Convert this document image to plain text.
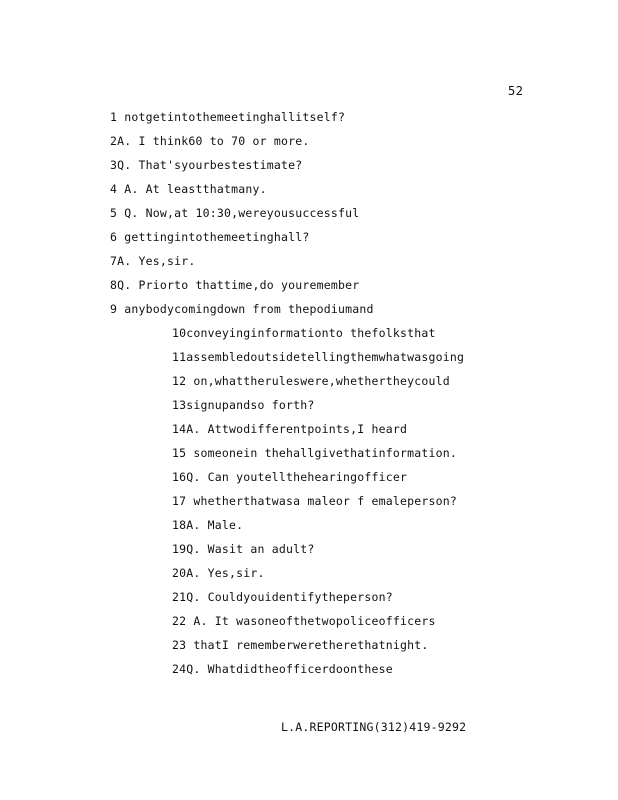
52
1 notgetintothemeetinghallitself?
2A. I think60 to 70 or more.
3Q. That'syourbestestimate?
4 A. At leastthatmany.
5 Q. Now,at 10:30,wereyousuccessful
6 gettingintothemeetinghall?
7A. Yes,sir.
8Q. Priorto thattime,do youremember
9 anybodycomingdown from thepodiumand
10conveyinginformationto thefolksthat
11assembledoutsidetellingthemwhatwasgoing
12 on,whattheruleswere,whethertheycould
13signupandso forth?
14A. Attwodifferentpoints,I heard
15 someonein thehallgivethatinformation.
16Q. Can youtellthehearingofficer
17 whetherthatwasa maleor f emaleperson?
18A. Male.
19Q. Wasit an adult?
20A. Yes,sir.
21Q. Couldyouidentifytheperson?
22 A. It wasoneofthetwopoliceofficers
23 thatI rememberweretherethatnight.
24Q. Whatdidtheofficerdoonthese
L.A.REPORTING(312)419-9292
